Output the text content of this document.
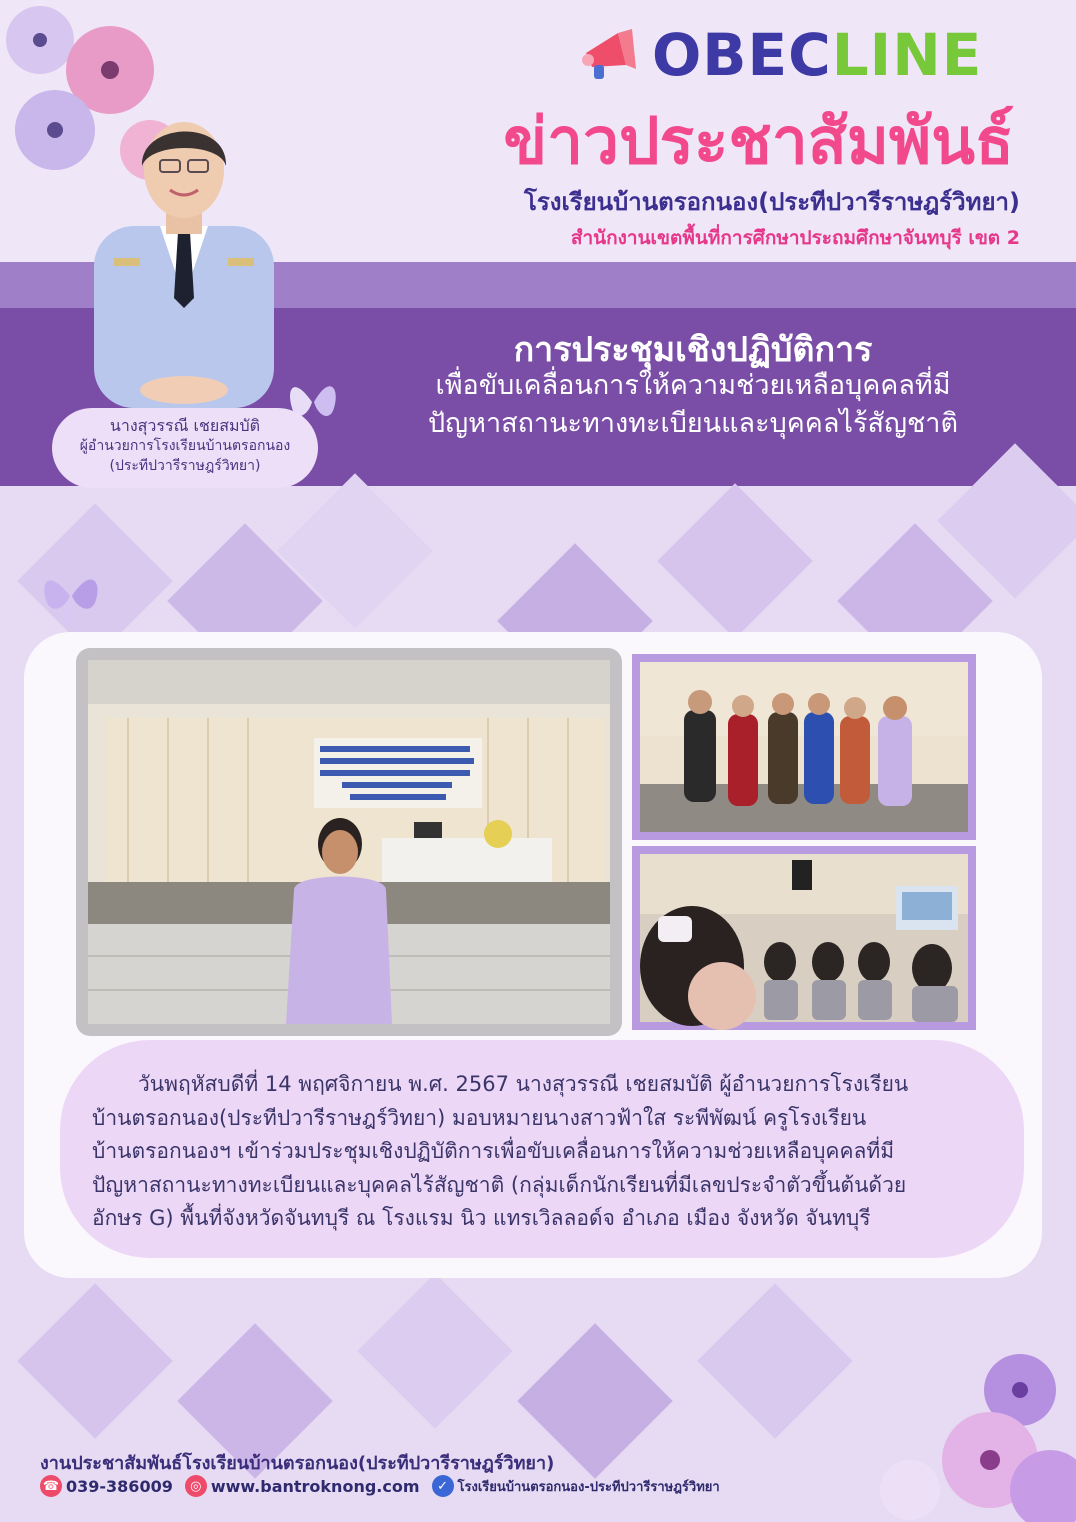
OBEC LINE
ข่าวประชาสัมพันธ์
โรงเรียนบ้านตรอกนอง(ประทีปวารีราษฎร์วิทยา)
สำนักงานเขตพื้นที่การศึกษาประถมศึกษาจันทบุรี เขต 2
นางสุวรรณี เชยสมบัติ
ผู้อำนวยการโรงเรียนบ้านตรอกนอง
(ประทีปวารีราษฎร์วิทยา)
การประชุมเชิงปฏิบัติการ
เพื่อขับเคลื่อนการให้ความช่วยเหลือบุคคลที่มี
ปัญหาสถานะทางทะเบียนและบุคคลไร้สัญชาติ
วันพฤหัสบดีที่ 14 พฤศจิกายน พ.ศ. 2567 นางสุวรรณี เชยสมบัติ ผู้อำนวยการโรงเรียน
บ้านตรอกนอง(ประทีปวารีราษฎร์วิทยา) มอบหมายนางสาวฟ้าใส ระพีพัฒน์ ครูโรงเรียน
บ้านตรอกนองฯ เข้าร่วมประชุมเชิงปฏิบัติการเพื่อขับเคลื่อนการให้ความช่วยเหลือบุคคลที่มี
ปัญหาสถานะทางทะเบียนและบุคคลไร้สัญชาติ (กลุ่มเด็กนักเรียนที่มีเลขประจำตัวขึ้นต้นด้วย
อักษร G) พื้นที่จังหวัดจันทบุรี ณ โรงแรม นิว แทรเวิลลอด์จ อำเภอ เมือง จังหวัด จันทบุรี
งานประชาสัมพันธ์โรงเรียนบ้านตรอกนอง(ประทีปวารีราษฎร์วิทยา)
☎ 039-386009	◎ www.bantroknong.com	✓ โรงเรียนบ้านตรอกนอง-ประทีปวารีราษฎร์วิทยา
